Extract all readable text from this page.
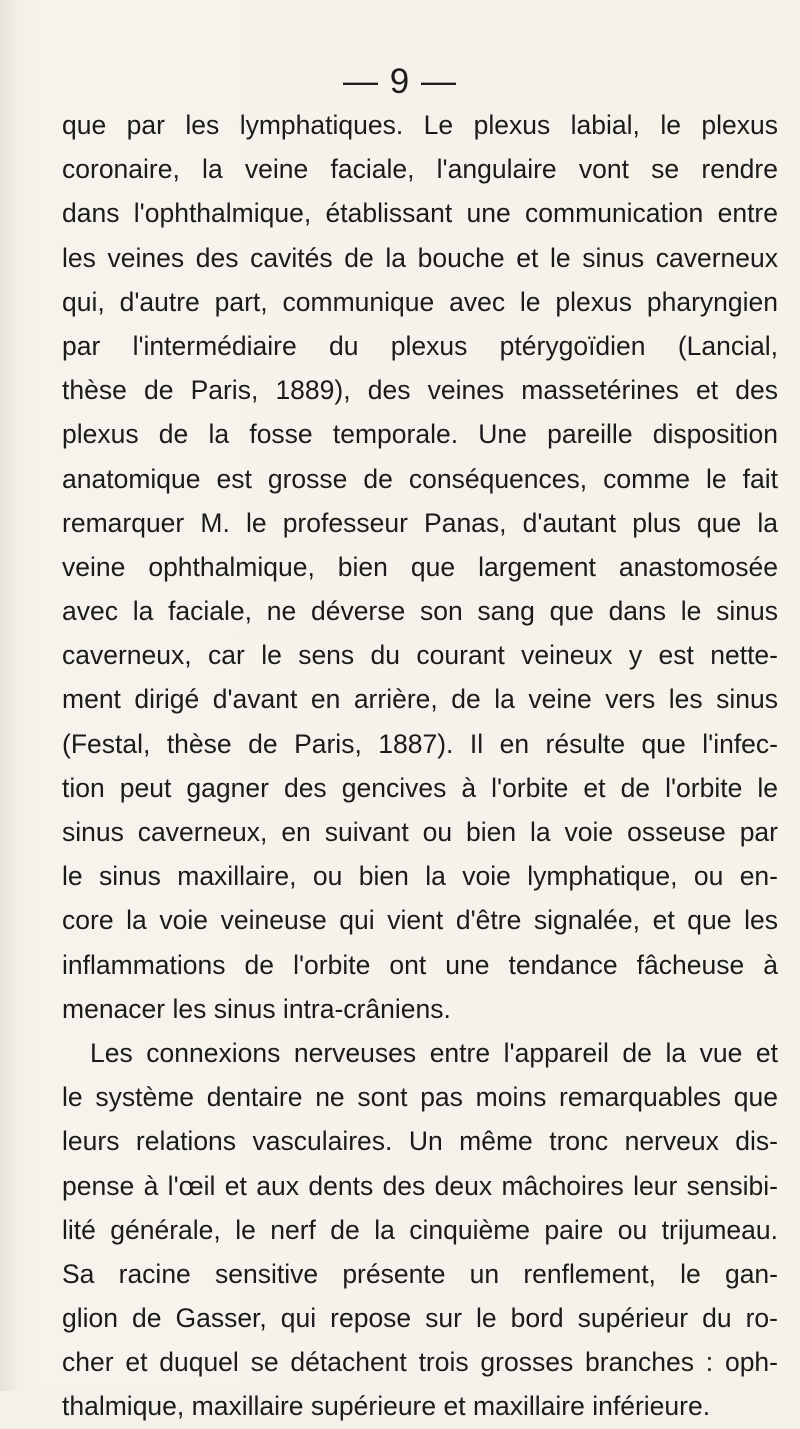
— 9 —
que par les lymphatiques. Le plexus labial, le plexus
coronaire, la veine faciale, l'angulaire vont se rendre
dans l'ophthalmique, établissant une communication entre
les veines des cavités de la bouche et le sinus caverneux
qui, d'autre part, communique avec le plexus pharyngien
par l'intermédiaire du plexus ptérygoïdien (Lancial,
thèse de Paris, 1889), des veines massetérines et des
plexus de la fosse temporale. Une pareille disposition
anatomique est grosse de conséquences, comme le fait
remarquer M. le professeur Panas, d'autant plus que la
veine ophthalmique, bien que largement anastomosée
avec la faciale, ne déverse son sang que dans le sinus
caverneux, car le sens du courant veineux y est nette-
ment dirigé d'avant en arrière, de la veine vers les sinus
(Festal, thèse de Paris, 1887). Il en résulte que l'infec-
tion peut gagner des gencives à l'orbite et de l'orbite le
sinus caverneux, en suivant ou bien la voie osseuse par
le sinus maxillaire, ou bien la voie lymphatique, ou en-
core la voie veineuse qui vient d'être signalée, et que les
inflammations de l'orbite ont une tendance fâcheuse à
menacer les sinus intra-crâniens.
Les connexions nerveuses entre l'appareil de la vue et
le système dentaire ne sont pas moins remarquables que
leurs relations vasculaires. Un même tronc nerveux dis-
pense à l'œil et aux dents des deux mâchoires leur sensibi-
lité générale, le nerf de la cinquième paire ou trijumeau.
Sa racine sensitive présente un renflement, le gan-
glion de Gasser, qui repose sur le bord supérieur du ro-
cher et duquel se détachent trois grosses branches : oph-
thalmique, maxillaire supérieure et maxillaire inférieure.
